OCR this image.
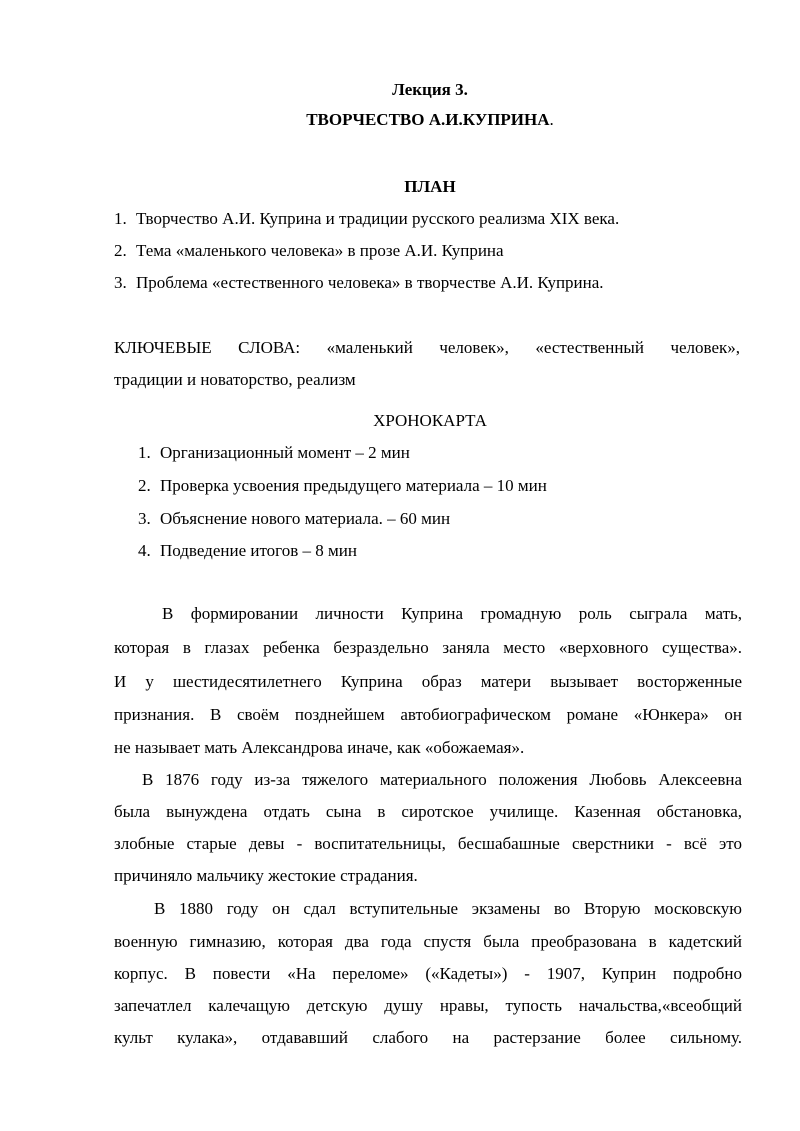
Лекция 3.
ТВОРЧЕСТВО А.И.КУПРИНА.
ПЛАН
1. Творчество А.И. Куприна и традиции русского реализма XIX века.
2. Тема «маленького человека» в прозе А.И. Куприна
3. Проблема «естественного человека» в творчестве А.И. Куприна.
КЛЮЧЕВЫЕ СЛОВА: «маленький человек», «естественный человек»,
традиции и новаторство, реализм
ХРОНОКАРТА
1. Организационный момент – 2 мин
2. Проверка усвоения предыдущего материала – 10 мин
3. Объяснение нового материала. – 60 мин
4. Подведение итогов – 8 мин
В формировании личности Куприна громадную роль сыграла мать,
которая в глазах ребенка безраздельно заняла место «верховного существа».
И у шестидесятилетнего Куприна образ матери вызывает восторженные
признания. В своём позднейшем автобиографическом романе «Юнкера» он
не называет мать Александрова иначе, как «обожаемая».
В 1876 году из-за тяжелого материального положения Любовь Алексеевна
была вынуждена отдать сына в сиротское училище. Казенная обстановка,
злобные старые девы - воспитательницы, бесшабашные сверстники - всё это
причиняло мальчику жестокие страдания.
В 1880 году он сдал вступительные экзамены во Вторую московскую
военную гимназию, которая два года спустя была преобразована в кадетский
корпус. В повести «На переломе» («Кадеты») - 1907, Куприн подробно
запечатлел калечащую детскую душу нравы, тупость начальства,«всеобщий
культ кулака», отдававший слабого на растерзание более сильному.
